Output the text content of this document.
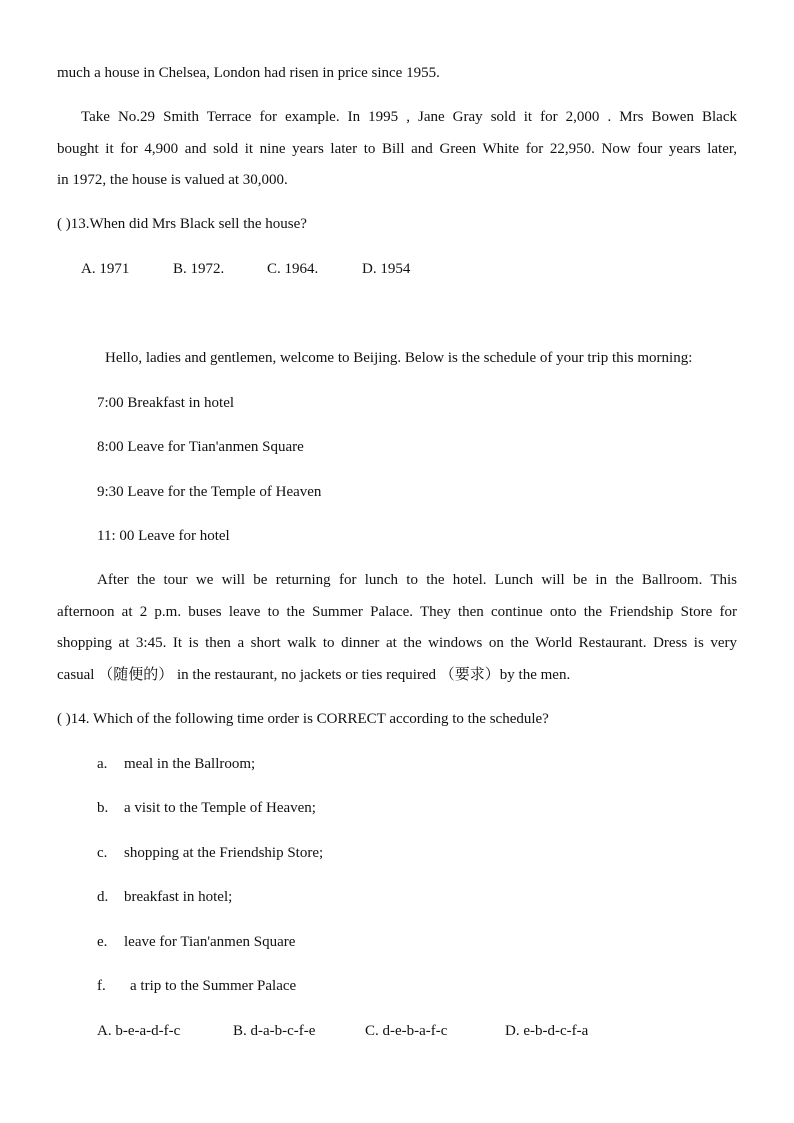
much a house in Chelsea, London had risen in price since 1955.
Take No.29 Smith Terrace for example. In 1995 , Jane Gray sold it for 2,000 . Mrs Bowen Black
bought it for 4,900 and sold it nine years later to Bill and Green White for 22,950. Now four years later,
in 1972, the house is valued at 30,000.
( )13.When did Mrs Black sell the house?
A. 1971	B. 1972.	C. 1964.	D. 1954
Hello, ladies and gentlemen, welcome to Beijing. Below is the schedule of your trip this morning:
7:00 Breakfast in hotel
8:00 Leave for Tian'anmen Square
9:30 Leave for the Temple of Heaven
11: 00 Leave for hotel
After the tour we will be returning for lunch to the hotel. Lunch will be in the Ballroom. This
afternoon at 2 p.m. buses leave to the Summer Palace. They then continue onto the Friendship Store for
shopping at 3:45. It is then a short walk to dinner at the windows on the World Restaurant. Dress is very
casual （随便的） in the restaurant, no jackets or ties required （要求）by the men.
( )14. Which of the following time order is CORRECT according to the schedule?
a. meal in the Ballroom;
b. a visit to the Temple of Heaven;
c. shopping at the Friendship Store;
d. breakfast in hotel;
e. leave for Tian'anmen Square
f. a trip to the Summer Palace
A. b-e-a-d-f-c	B. d-a-b-c-f-e	C. d-e-b-a-f-c	D. e-b-d-c-f-a
